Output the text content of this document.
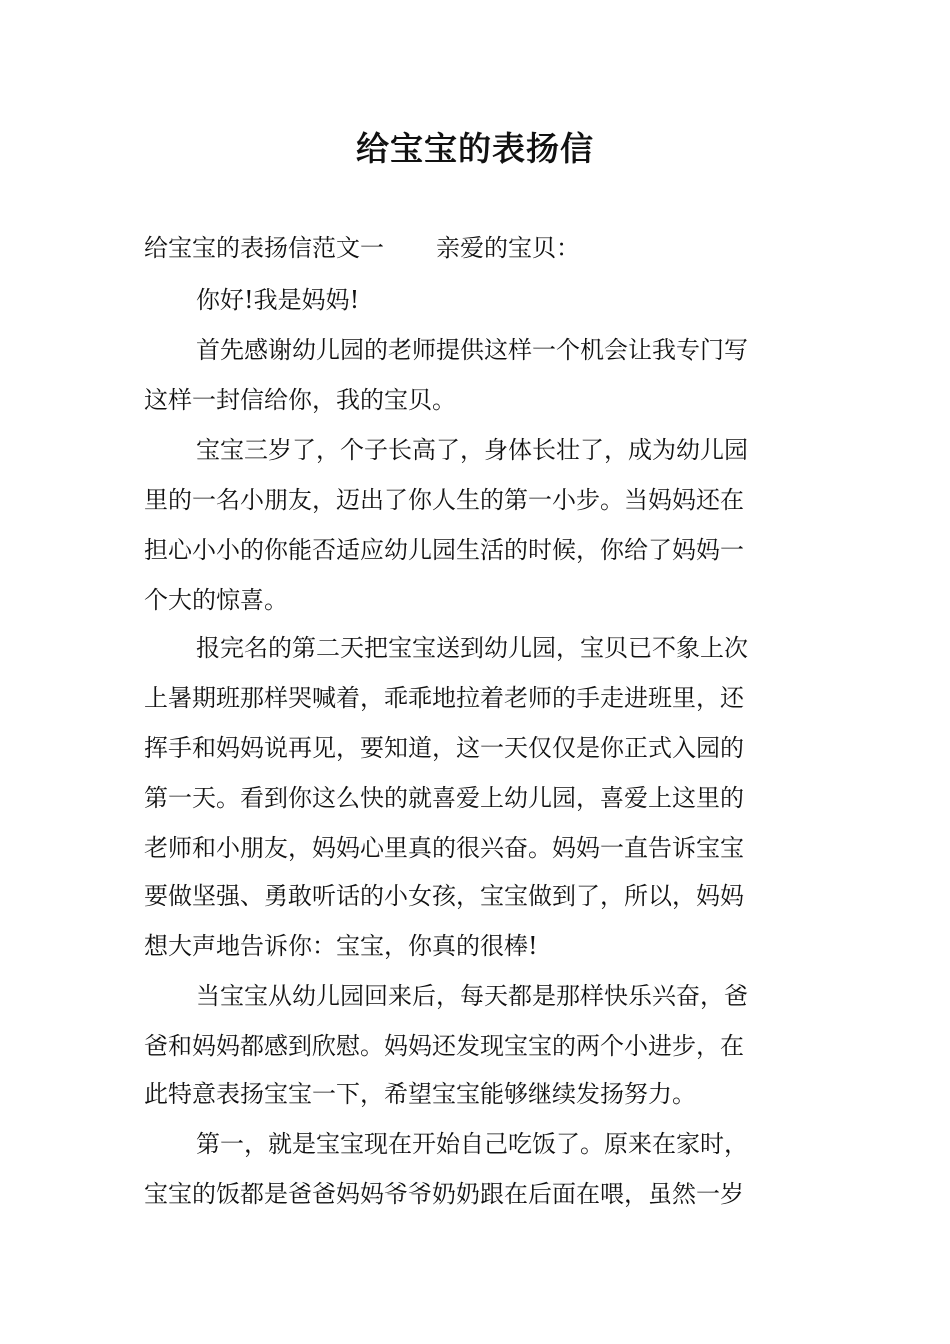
给宝宝的表扬信
给宝宝的表扬信范文一 亲爱的宝贝：
你好!我是妈妈!
首先感谢幼儿园的老师提供这样一个机会让我专门写
这样一封信给你，我的宝贝。
宝宝三岁了，个子长高了，身体长壮了，成为幼儿园
里的一名小朋友，迈出了你人生的第一小步。当妈妈还在
担心小小的你能否适应幼儿园生活的时候，你给了妈妈一
个大的惊喜。
报完名的第二天把宝宝送到幼儿园，宝贝已不象上次
上暑期班那样哭喊着，乖乖地拉着老师的手走进班里，还
挥手和妈妈说再见，要知道，这一天仅仅是你正式入园的
第一天。看到你这么快的就喜爱上幼儿园，喜爱上这里的
老师和小朋友，妈妈心里真的很兴奋。妈妈一直告诉宝宝
要做坚强、勇敢听话的小女孩，宝宝做到了，所以，妈妈
想大声地告诉你：宝宝，你真的很棒!
当宝宝从幼儿园回来后，每天都是那样快乐兴奋，爸
爸和妈妈都感到欣慰。妈妈还发现宝宝的两个小进步，在
此特意表扬宝宝一下，希望宝宝能够继续发扬努力。
第一，就是宝宝现在开始自己吃饭了。原来在家时，
宝宝的饭都是爸爸妈妈爷爷奶奶跟在后面在喂，虽然一岁
